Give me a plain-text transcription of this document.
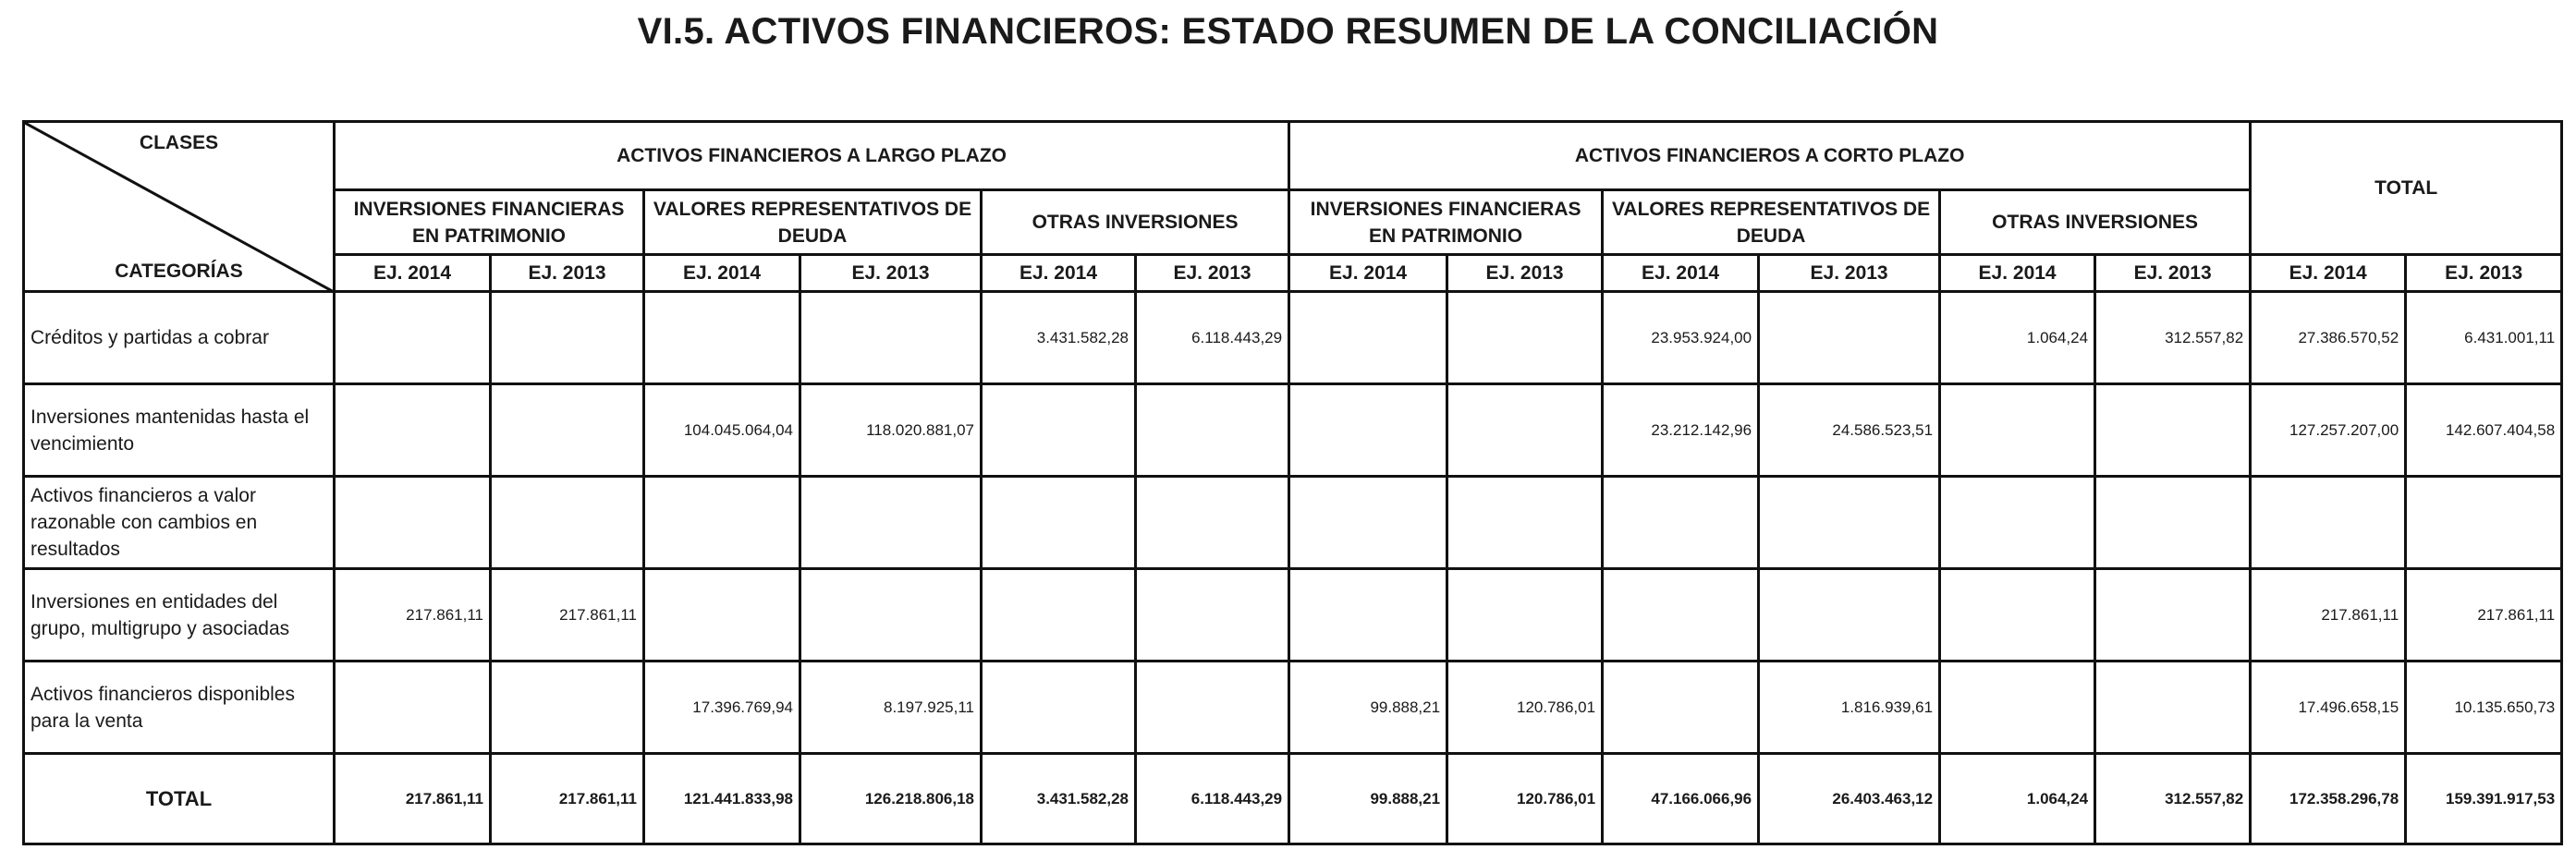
VI.5. ACTIVOS FINANCIEROS: ESTADO RESUMEN DE LA CONCILIACIÓN
CLASES
CATEGORÍAS	ACTIVOS FINANCIEROS A LARGO PLAZO						ACTIVOS FINANCIEROS A CORTO PLAZO						TOTAL	
	INVERSIONES FINANCIERAS EN PATRIMONIO		VALORES REPRESENTATIVOS DE DEUDA		OTRAS INVERSIONES		INVERSIONES FINANCIERAS EN PATRIMONIO		VALORES REPRESENTATIVOS DE DEUDA		OTRAS INVERSIONES			
	EJ. 2014	EJ. 2013	EJ. 2014	EJ. 2013	EJ. 2014	EJ. 2013	EJ. 2014	EJ. 2013	EJ. 2014	EJ. 2013	EJ. 2014	EJ. 2013	EJ. 2014	EJ. 2013
Créditos y partidas a cobrar					3.431.582,28	6.118.443,29			23.953.924,00		1.064,24	312.557,82	27.386.570,52	6.431.001,11
Inversiones mantenidas hasta el vencimiento			104.045.064,04	118.020.881,07					23.212.142,96	24.586.523,51			127.257.207,00	142.607.404,58
Activos financieros a valor razonable con cambios en resultados														
Inversiones en entidades del grupo, multigrupo y asociadas	217.861,11	217.861,11											217.861,11	217.861,11
Activos financieros disponibles para la venta			17.396.769,94	8.197.925,11			99.888,21	120.786,01		1.816.939,61			17.496.658,15	10.135.650,73
TOTAL	217.861,11	217.861,11	121.441.833,98	126.218.806,18	3.431.582,28	6.118.443,29	99.888,21	120.786,01	47.166.066,96	26.403.463,12	1.064,24	312.557,82	172.358.296,78	159.391.917,53
